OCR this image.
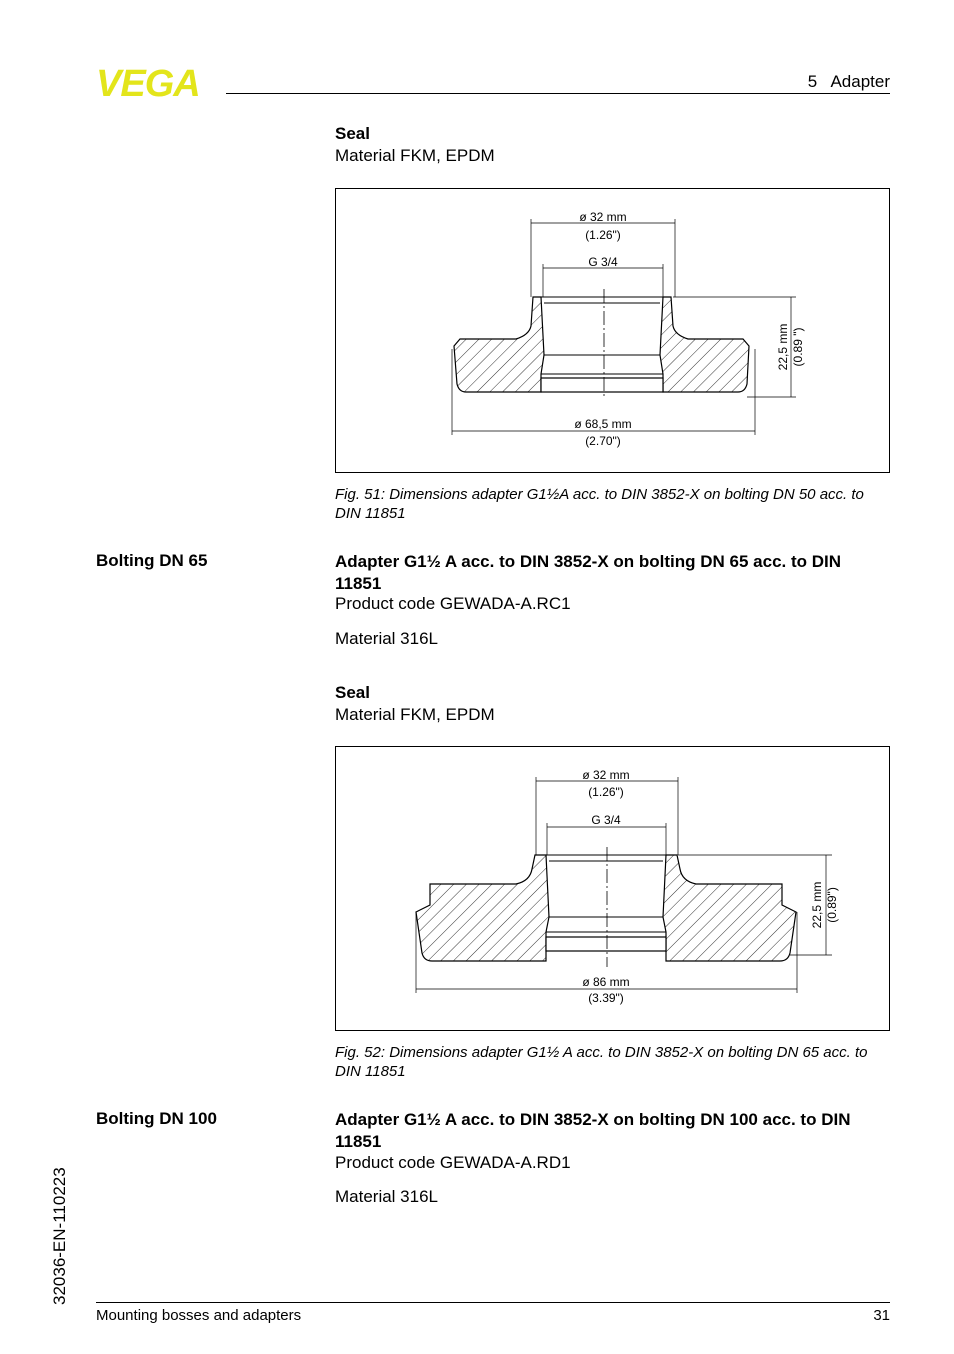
VEGA	5   Adapter
Seal
Material FKM, EPDM
ø 32 mm
(1.26")
G 3/4
22,5 mm (0.89 ")
ø 68,5 mm
(2.70")
Fig. 51: Dimensions adapter G1½A acc. to DIN 3852-X on bolting DN 50 acc. to DIN 11851
Bolting DN 65	Adapter G1½ A acc. to DIN 3852-X on bolting DN 65 acc. to DIN 11851
Product code GEWADA-A.RC1
Material 316L
Seal
Material FKM, EPDM
ø 32 mm
(1.26")
G 3/4
22,5 mm (0.89")
ø 86 mm
(3.39")
Fig. 52: Dimensions adapter G1½ A acc. to DIN 3852-X on bolting DN 65 acc. to DIN 11851
Bolting DN 100	Adapter G1½ A acc. to DIN 3852-X on bolting DN 100 acc. to DIN 11851
Product code GEWADA-A.RD1
Material 316L
32036-EN-110223
Mounting bosses and adapters	31
